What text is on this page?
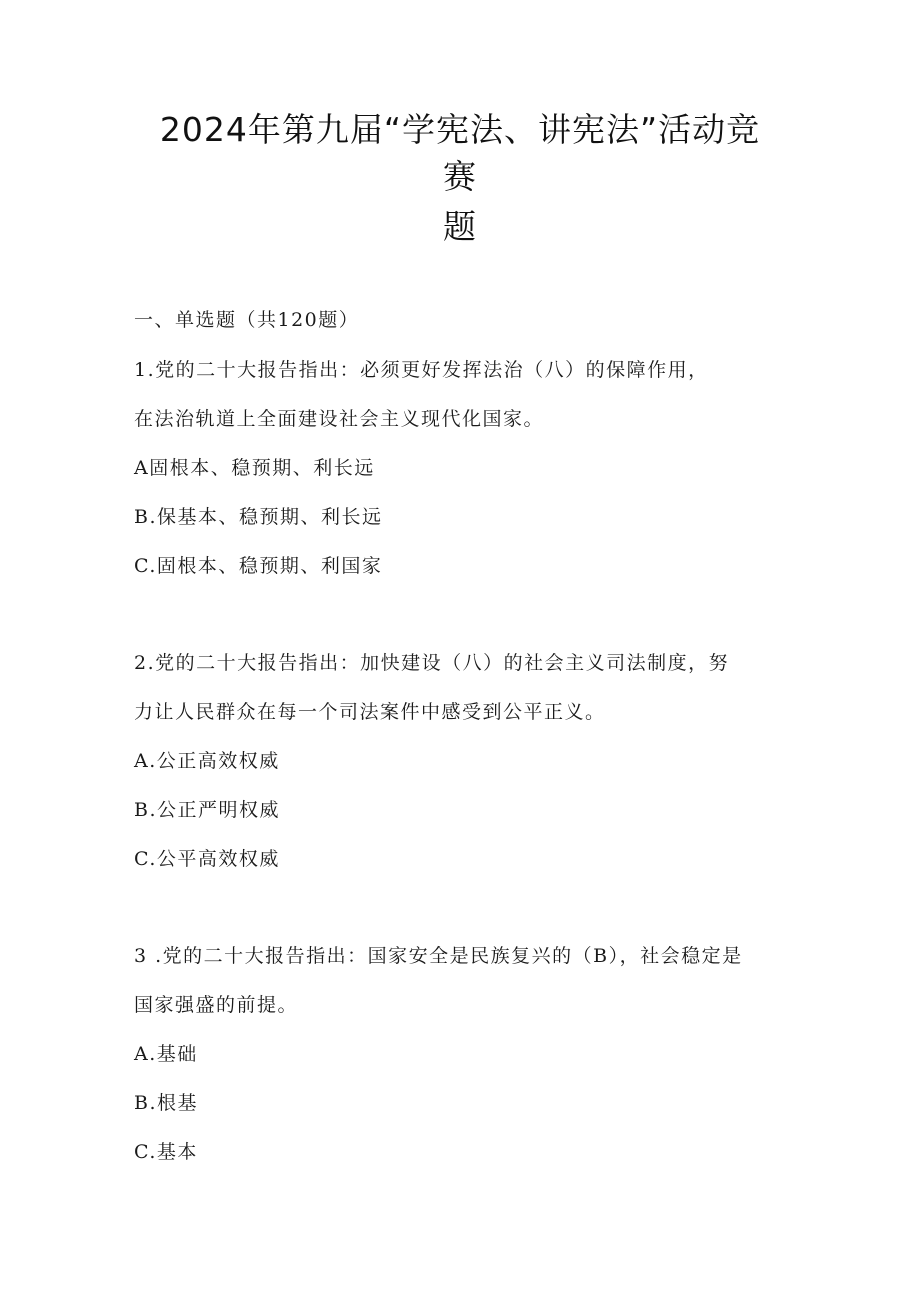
2024年第九届“学宪法、讲宪法”活动竞
赛
题

一、单选题（共120题）

1.党的二十大报告指出：必须更好发挥法治（八）的保障作用，

在法治轨道上全面建设社会主义现代化国家。

A固根本、稳预期、利长远

B.保基本、稳预期、利长远

C.固根本、稳预期、利国家

2.党的二十大报告指出：加快建设（八）的社会主义司法制度，努

力让人民群众在每一个司法案件中感受到公平正义。

A.公正高效权威

B.公正严明权威

C.公平高效权威

3 .党的二十大报告指出：国家安全是民族复兴的（B），社会稳定是

国家强盛的前提。

A.基础

B.根基

C.基本
